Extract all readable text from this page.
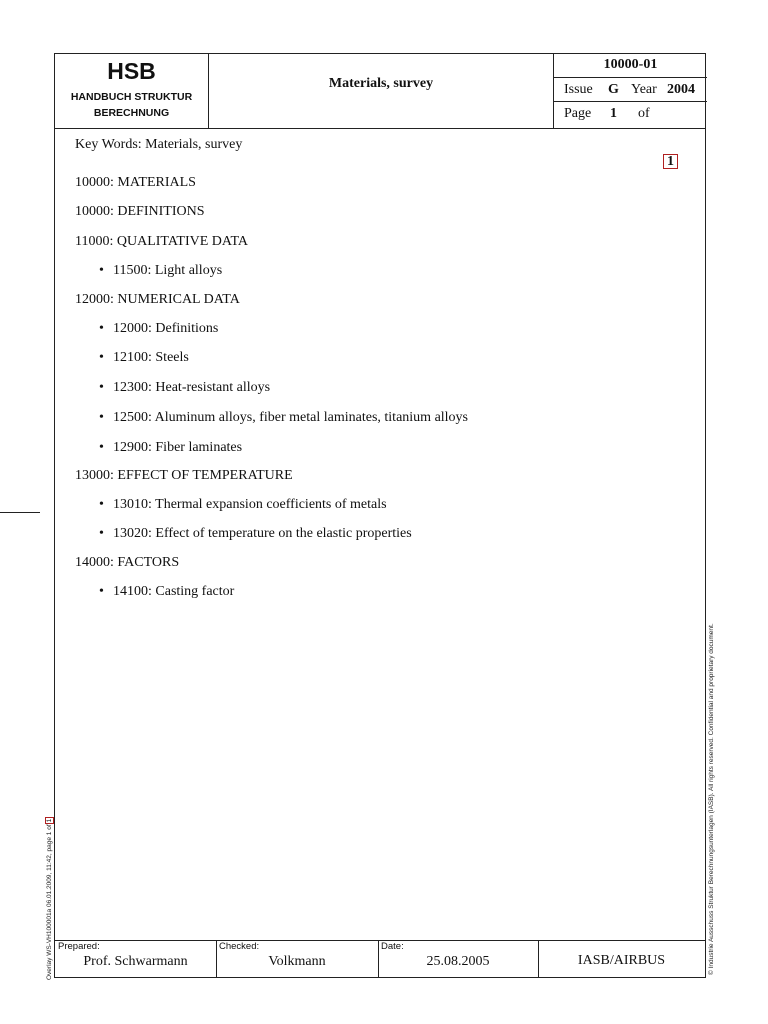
Overlay WS-VH100001a 06.01.2009, 11:42, page 1 of1	© Industrie Ausschuss Struktur Berechnungsunterlagen (IASB). All rights reserved. Confidential and proprietary document.
HSB
HANDBUCH STRUKTUR
BERECHNUNG
Materials, survey
10000-01
Issue G Year 2004
Page 1 of
1
Key Words: Materials, survey
10000: MATERIALS
10000: DEFINITIONS
11000: QUALITATIVE DATA
• 11500: Light alloys
12000: NUMERICAL DATA
• 12000: Definitions
• 12100: Steels
• 12300: Heat-resistant alloys
• 12500: Aluminum alloys, fiber metal laminates, titanium alloys
• 12900: Fiber laminates
13000: EFFECT OF TEMPERATURE
• 13010: Thermal expansion coefficients of metals
• 13020: Effect of temperature on the elastic properties
14000: FACTORS
• 14100: Casting factor
Prepared:
Prof. Schwarmann
Checked:
Volkmann
Date:
25.08.2005	IASB/AIRBUS
